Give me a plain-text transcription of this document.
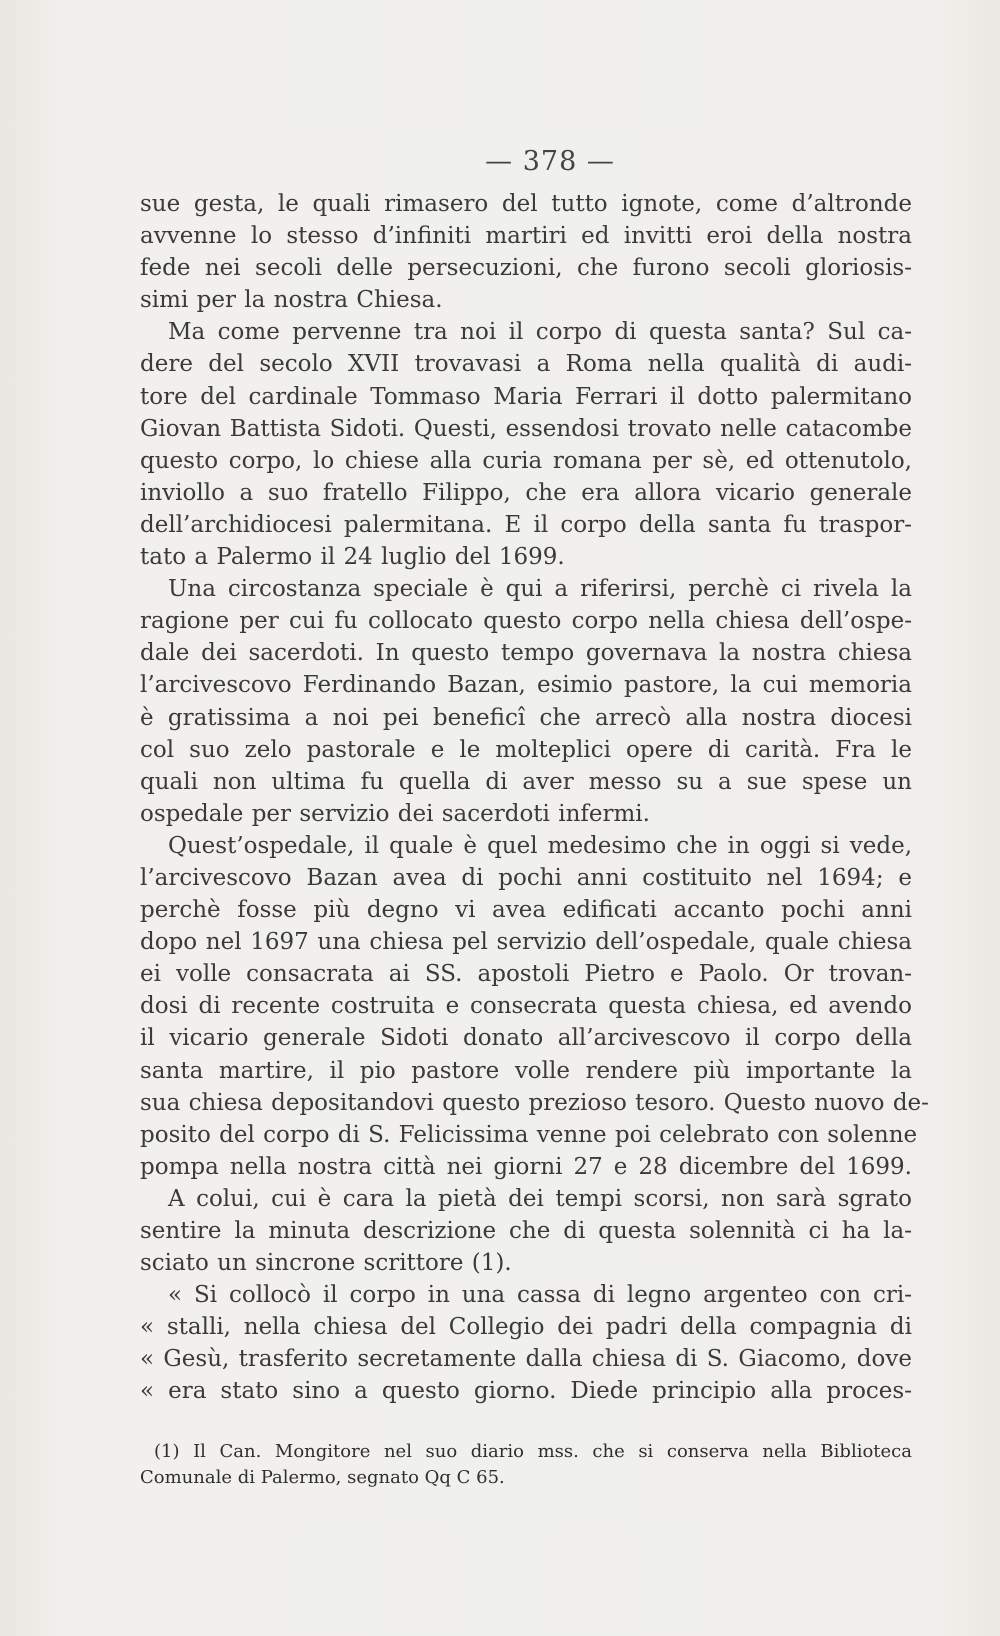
— 378 —
sue gesta, le quali rimasero del tutto ignote, come d’altronde
avvenne lo stesso d’infiniti martiri ed invitti eroi della nostra
fede nei secoli delle persecuzioni, che furono secoli gloriosis-
simi per la nostra Chiesa.
Ma come pervenne tra noi il corpo di questa santa? Sul ca-
dere del secolo XVII trovavasi a Roma nella qualità di audi-
tore del cardinale Tommaso Maria Ferrari il dotto palermitano
Giovan Battista Sidoti. Questi, essendosi trovato nelle catacombe
questo corpo, lo chiese alla curia romana per sè, ed ottenutolo,
inviollo a suo fratello Filippo, che era allora vicario generale
dell’archidiocesi palermitana. E il corpo della santa fu traspor-
tato a Palermo il 24 luglio del 1699.
Una circostanza speciale è qui a riferirsi, perchè ci rivela la
ragione per cui fu collocato questo corpo nella chiesa dell’ospe-
dale dei sacerdoti. In questo tempo governava la nostra chiesa
l’arcivescovo Ferdinando Bazan, esimio pastore, la cui memoria
è gratissima a noi pei beneficî che arrecò alla nostra diocesi
col suo zelo pastorale e le molteplici opere di carità. Fra le
quali non ultima fu quella di aver messo su a sue spese un
ospedale per servizio dei sacerdoti infermi.
Quest’ospedale, il quale è quel medesimo che in oggi si vede,
l’arcivescovo Bazan avea di pochi anni costituito nel 1694; e
perchè fosse più degno vi avea edificati accanto pochi anni
dopo nel 1697 una chiesa pel servizio dell’ospedale, quale chiesa
ei volle consacrata ai SS. apostoli Pietro e Paolo. Or trovan-
dosi di recente costruita e consecrata questa chiesa, ed avendo
il vicario generale Sidoti donato all’arcivescovo il corpo della
santa martire, il pio pastore volle rendere più importante la
sua chiesa depositandovi questo prezioso tesoro. Questo nuovo de-
posito del corpo di S. Felicissima venne poi celebrato con solenne
pompa nella nostra città nei giorni 27 e 28 dicembre del 1699.
A colui, cui è cara la pietà dei tempi scorsi, non sarà sgrato
sentire la minuta descrizione che di questa solennità ci ha la-
sciato un sincrone scrittore (1).
« Si collocò il corpo in una cassa di legno argenteo con cri-
« stalli, nella chiesa del Collegio dei padri della compagnia di
« Gesù, trasferito secretamente dalla chiesa di S. Giacomo, dove
« era stato sino a questo giorno. Diede principio alla proces-
(1) Il Can. Mongitore nel suo diario mss. che si conserva nella Biblioteca
Comunale di Palermo, segnato Qq C 65.
